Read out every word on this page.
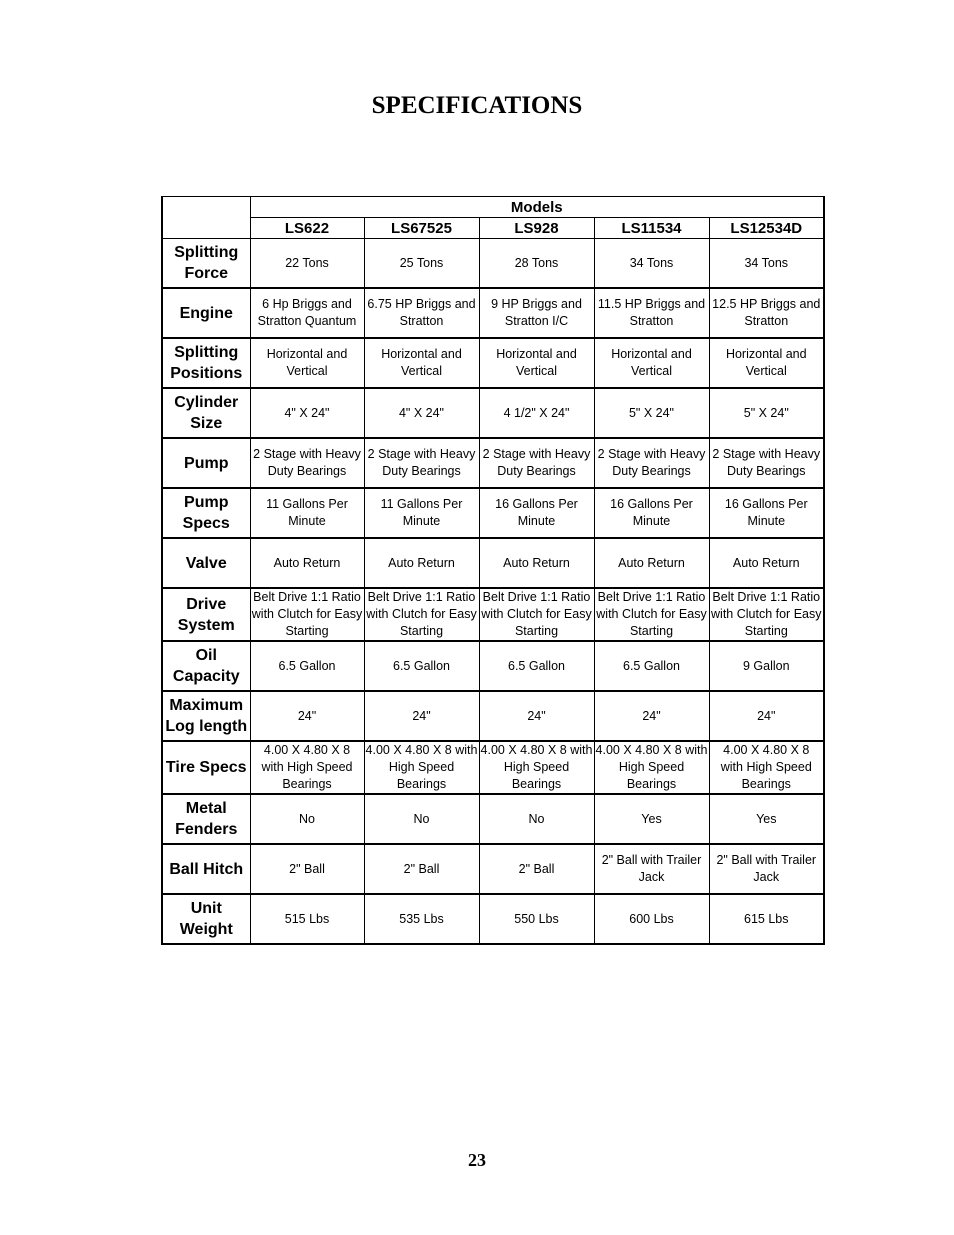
SPECIFICATIONS
	Models				
	LS622	LS67525	LS928	LS11534	LS12534D
Splitting Force	22 Tons	25 Tons	28 Tons	34 Tons	34 Tons
Engine	6 Hp Briggs and Stratton Quantum	6.75 HP Briggs and Stratton	9 HP Briggs and Stratton I/C	11.5 HP Briggs and Stratton	12.5 HP Briggs and Stratton
Splitting Positions	Horizontal and Vertical	Horizontal and Vertical	Horizontal and Vertical	Horizontal and Vertical	Horizontal and Vertical
Cylinder Size	4" X 24"	4" X 24"	4 1/2" X 24"	5" X 24"	5" X 24"
Pump	2 Stage with Heavy Duty Bearings	2 Stage with Heavy Duty Bearings	2 Stage with Heavy Duty Bearings	2 Stage with Heavy Duty Bearings	2 Stage with Heavy Duty Bearings
Pump Specs	11 Gallons Per Minute	11 Gallons Per Minute	16 Gallons Per Minute	16 Gallons Per Minute	16 Gallons Per Minute
Valve	Auto Return	Auto Return	Auto Return	Auto Return	Auto Return
Drive System	Belt Drive 1:1 Ratio with Clutch for Easy Starting	Belt Drive 1:1 Ratio with Clutch for Easy Starting	Belt Drive 1:1 Ratio with Clutch for Easy Starting	Belt Drive 1:1 Ratio with Clutch for Easy Starting	Belt Drive 1:1 Ratio with Clutch for Easy Starting
Oil Capacity	6.5 Gallon	6.5 Gallon	6.5 Gallon	6.5 Gallon	9 Gallon
Maximum Log length	24"	24"	24"	24"	24"
Tire Specs	4.00 X 4.80 X 8 with High Speed Bearings	4.00 X 4.80 X 8 with High Speed Bearings	4.00 X 4.80 X 8 with High Speed Bearings	4.00 X 4.80 X 8 with High Speed Bearings	4.00 X 4.80 X 8 with High Speed Bearings
Metal Fenders	No	No	No	Yes	Yes
Ball Hitch	2" Ball	2" Ball	2" Ball	2" Ball with Trailer Jack	2" Ball with Trailer Jack
Unit Weight	515 Lbs	535 Lbs	550 Lbs	600 Lbs	615 Lbs
23
